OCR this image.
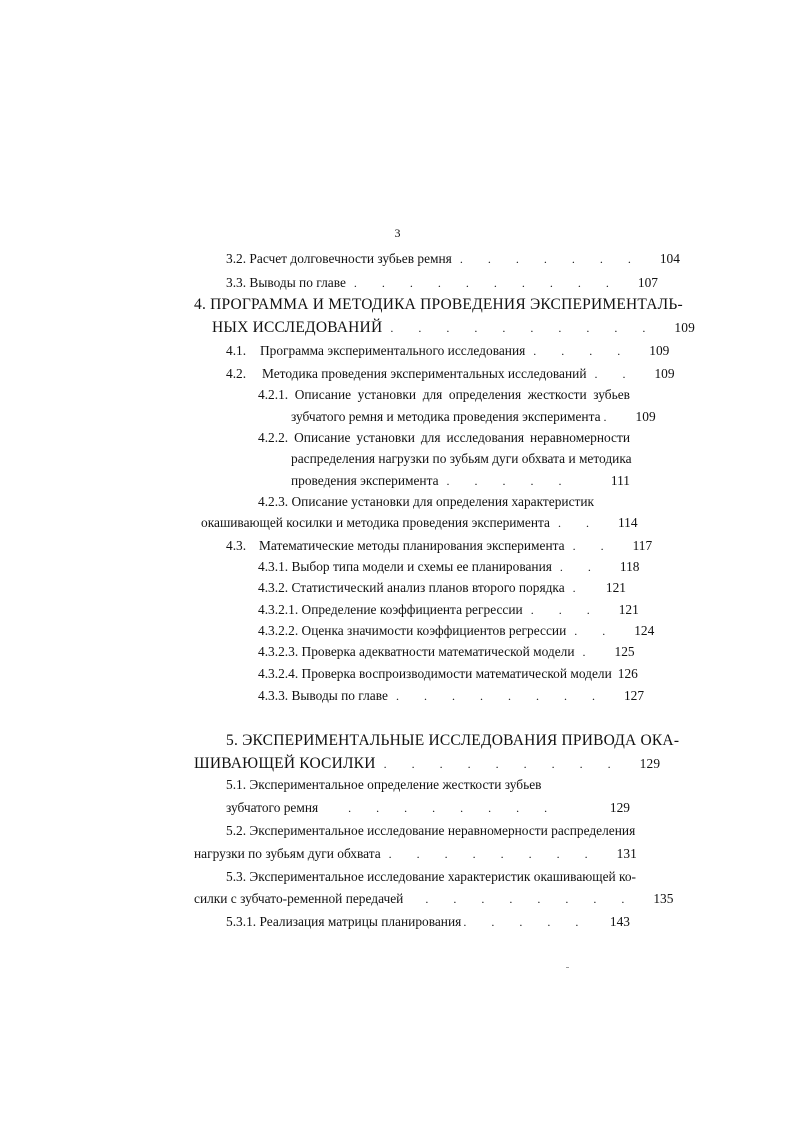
3
3.2. Расчет долговечности зубьев ремня ....... 104
3.3. Выводы по главе .......... 107
4. ПРОГРАММА И МЕТОДИКА ПРОВЕДЕНИЯ ЭКСПЕРИМЕНТАЛЬ-
НЫХ ИССЛЕДОВАНИЙ .......... 109
4.1.	Программа экспериментального исследования .... 109
4.2.	Методика проведения экспериментальных исследований .. 109
4.2.1. Описание установки для определения жесткости зубьев
зубчатого ремня и методика проведения эксперимента . 109
4.2.2. Описание установки для исследования неравномерности
распределения нагрузки по зубьям дуги обхвата и методика
проведения эксперимента .....	111
4.2.3. Описание установки для определения характеристик
окашивающей косилки и методика проведения эксперимента .. 114
4.3. Математические методы планирования эксперимента .. 117
4.3.1. Выбор типа модели и схемы ее планирования .. 118
4.3.2. Статистический анализ планов второго порядка . 121
4.3.2.1. Определение коэффициента регрессии ... 121
4.3.2.2. Оценка значимости коэффициентов регрессии .. 124
4.3.2.3. Проверка адекватности математической модели . 125
4.3.2.4. Проверка воспроизводимости математической модели 126
4.3.3. Выводы по главе ........ 127
5. ЭКСПЕРИМЕНТАЛЬНЫЕ ИССЛЕДОВАНИЯ ПРИВОДА ОКА-
ШИВАЮЩЕЙ КОСИЛКИ ......... 129
5.1. Экспериментальное определение жесткости зубьев
зубчатого ремня	........	129
5.2. Экспериментальное исследование неравномерности распределения
нагрузки по зубьям дуги обхвата ........ 131
5.3. Экспериментальное исследование характеристик окашивающей ко-
силки с зубчато-ременной передачей	........ 135
5.3.1. Реализация матрицы планирования ..... 143
